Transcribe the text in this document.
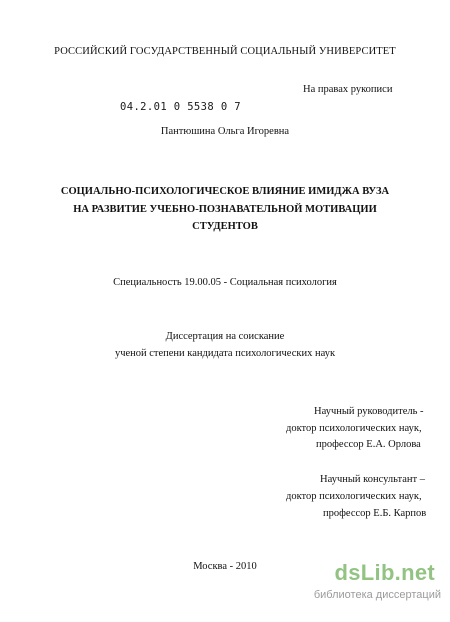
РОССИЙСКИЙ ГОСУДАРСТВЕННЫЙ СОЦИАЛЬНЫЙ УНИВЕРСИТЕТ
На правах рукописи
04.2.01 0 5538 0 7
Пантюшина Ольга Игоревна
СОЦИАЛЬНО-ПСИХОЛОГИЧЕСКОЕ ВЛИЯНИЕ ИМИДЖА ВУЗА
НА РАЗВИТИЕ УЧЕБНО-ПОЗНАВАТЕЛЬНОЙ МОТИВАЦИИ
СТУДЕНТОВ
Специальность 19.00.05 - Социальная психология
Диссертация на соискание
ученой степени кандидата психологических наук
Научный руководитель -
доктор психологических наук,
профессор Е.А. Орлова
Научный консультант –
доктор психологических наук,
профессор Е.Б. Карпов
Москва - 2010	dsLib.net
библиотека диссертаций
